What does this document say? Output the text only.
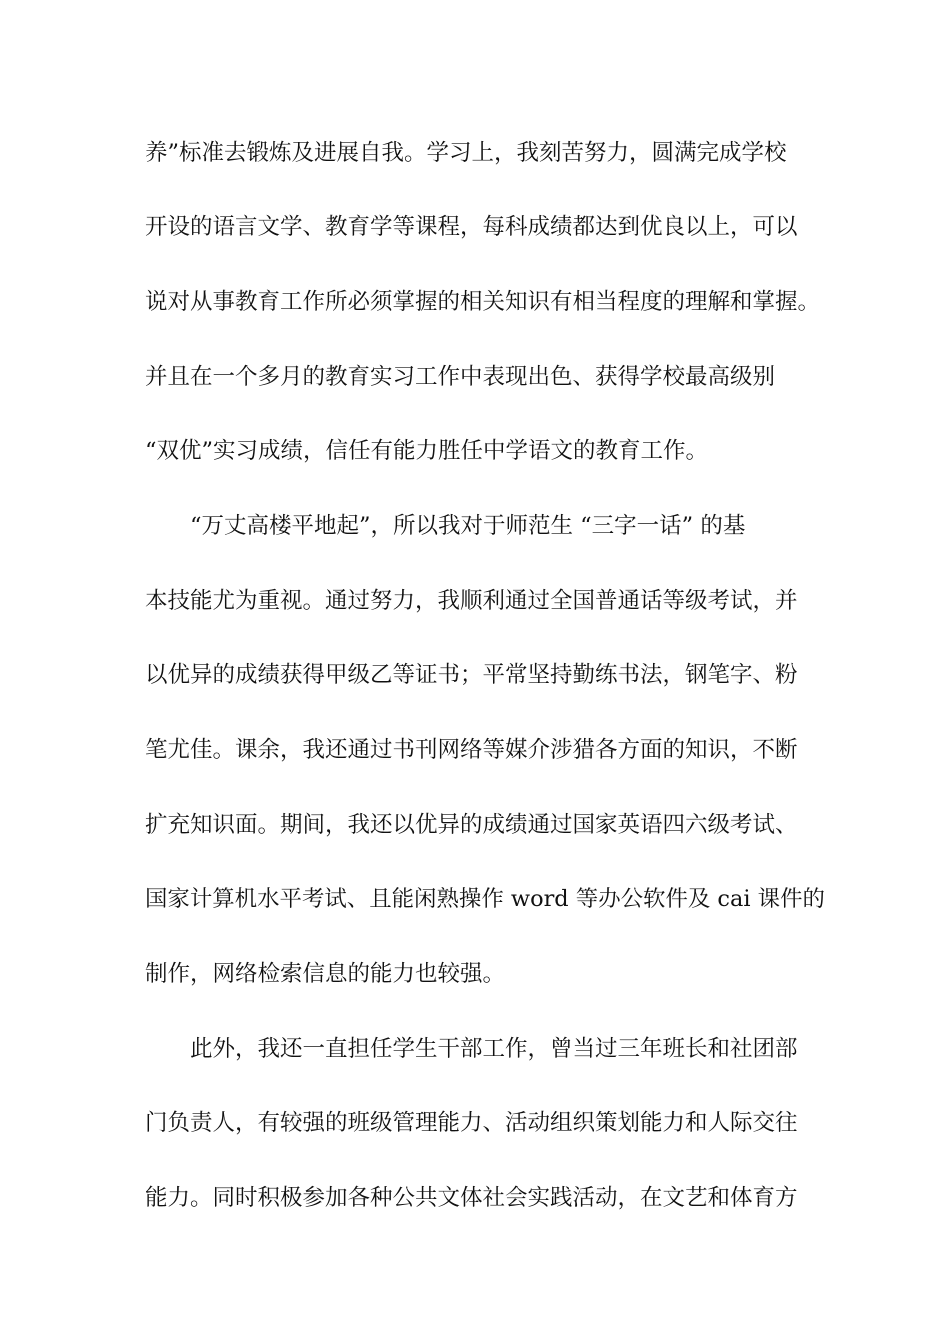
养”标准去锻炼及进展自我。学习上，我刻苦努力，圆满完成学校
开设的语言文学、教育学等课程，每科成绩都达到优良以上，可以
说对从事教育工作所必须掌握的相关知识有相当程度的理解和掌握。
并且在一个多月的教育实习工作中表现出色、获得学校最高级别
“双优”实习成绩，信任有能力胜任中学语文的教育工作。
　　“万丈高楼平地起”，所以我对于师范生 “三字一话” 的基
本技能尤为重视。通过努力，我顺利通过全国普通话等级考试，并
以优异的成绩获得甲级乙等证书；平常坚持勤练书法，钢笔字、粉
笔尤佳。课余，我还通过书刊网络等媒介涉猎各方面的知识，不断
扩充知识面。期间，我还以优异的成绩通过国家英语四六级考试、
国家计算机水平考试、且能闲熟操作 word 等办公软件及 cai 课件的
制作，网络检索信息的能力也较强。
　　此外，我还一直担任学生干部工作，曾当过三年班长和社团部
门负责人，有较强的班级管理能力、活动组织策划能力和人际交往
能力。同时积极参加各种公共文体社会实践活动，在文艺和体育方
